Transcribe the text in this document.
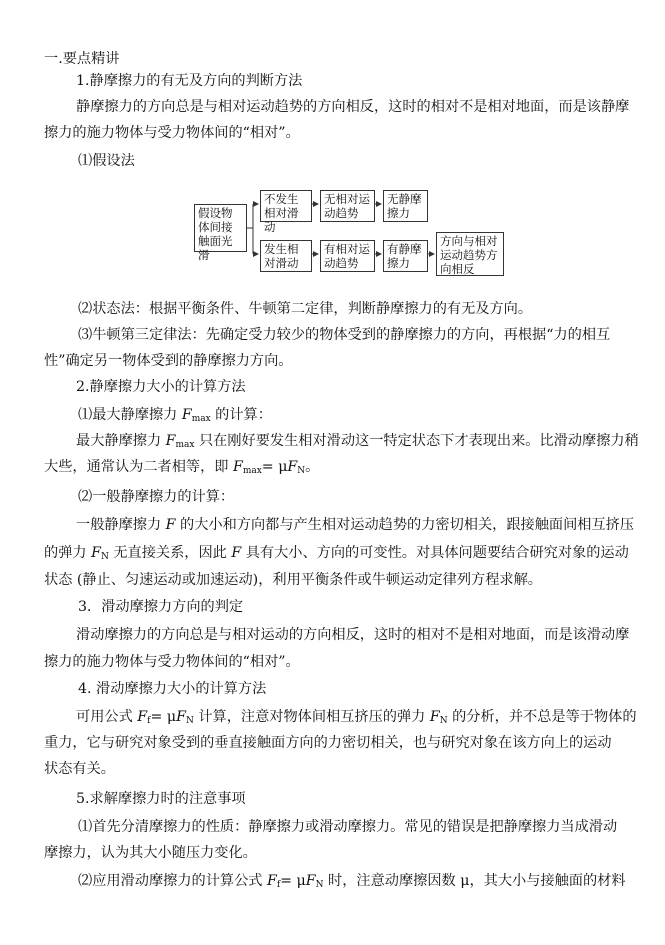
一.要点精讲
1.静摩擦力的有无及方向的判断方法
静摩擦力的方向总是与相对运动趋势的方向相反，这时的相对不是相对地面，而是该静摩
擦力的施力物体与受力物体间的“相对”。
⑴假设法
假设物体间接触面光滑
不发生相对滑动
无相对运动趋势
无静摩擦力
发生相对滑动
有相对运动趋势
有静摩擦力
方向与相对运动趋势方向相反
⑵状态法：根据平衡条件、牛顿第二定律，判断静摩擦力的有无及方向。
⑶牛顿第三定律法：先确定受力较少的物体受到的静摩擦力的方向，再根据“力的相互
性”确定另一物体受到的静摩擦力方向。
2.静摩擦力大小的计算方法
⑴最大静摩擦力 $F_{max}$ 的计算：
最大静摩擦力 $F_{max}$ 只在刚好要发生相对滑动这一特定状态下才表现出来。比滑动摩擦力稍
大些，通常认为二者相等，即 $F_{max}= \mu F_N$。
⑵一般静摩擦力的计算：
一般静摩擦力 F 的大小和方向都与产生相对运动趋势的力密切相关，跟接触面间相互挤压
的弹力 $F_N$ 无直接关系，因此 F 具有大小、方向的可变性。对具体问题要结合研究对象的运动
状态 (静止、匀速运动或加速运动)，利用平衡条件或牛顿运动定律列方程求解。
3．滑动摩擦力方向的判定
滑动摩擦力的方向总是与相对运动的方向相反，这时的相对不是相对地面，而是该滑动摩
擦力的施力物体与受力物体间的“相对”。
4. 滑动摩擦力大小的计算方法
可用公式 $F_f= \mu F_N$ 计算，注意对物体间相互挤压的弹力 $F_N$ 的分析，并不总是等于物体的
重力，它与研究对象受到的垂直接触面方向的力密切相关，也与研究对象在该方向上的运动
状态有关。
5.求解摩擦力时的注意事项
⑴首先分清摩擦力的性质：静摩擦力或滑动摩擦力。常见的错误是把静摩擦力当成滑动
摩擦力，认为其大小随压力变化。
⑵应用滑动摩擦力的计算公式 $F_f= \mu F_N$ 时，注意动摩擦因数 μ，其大小与接触面的材料
